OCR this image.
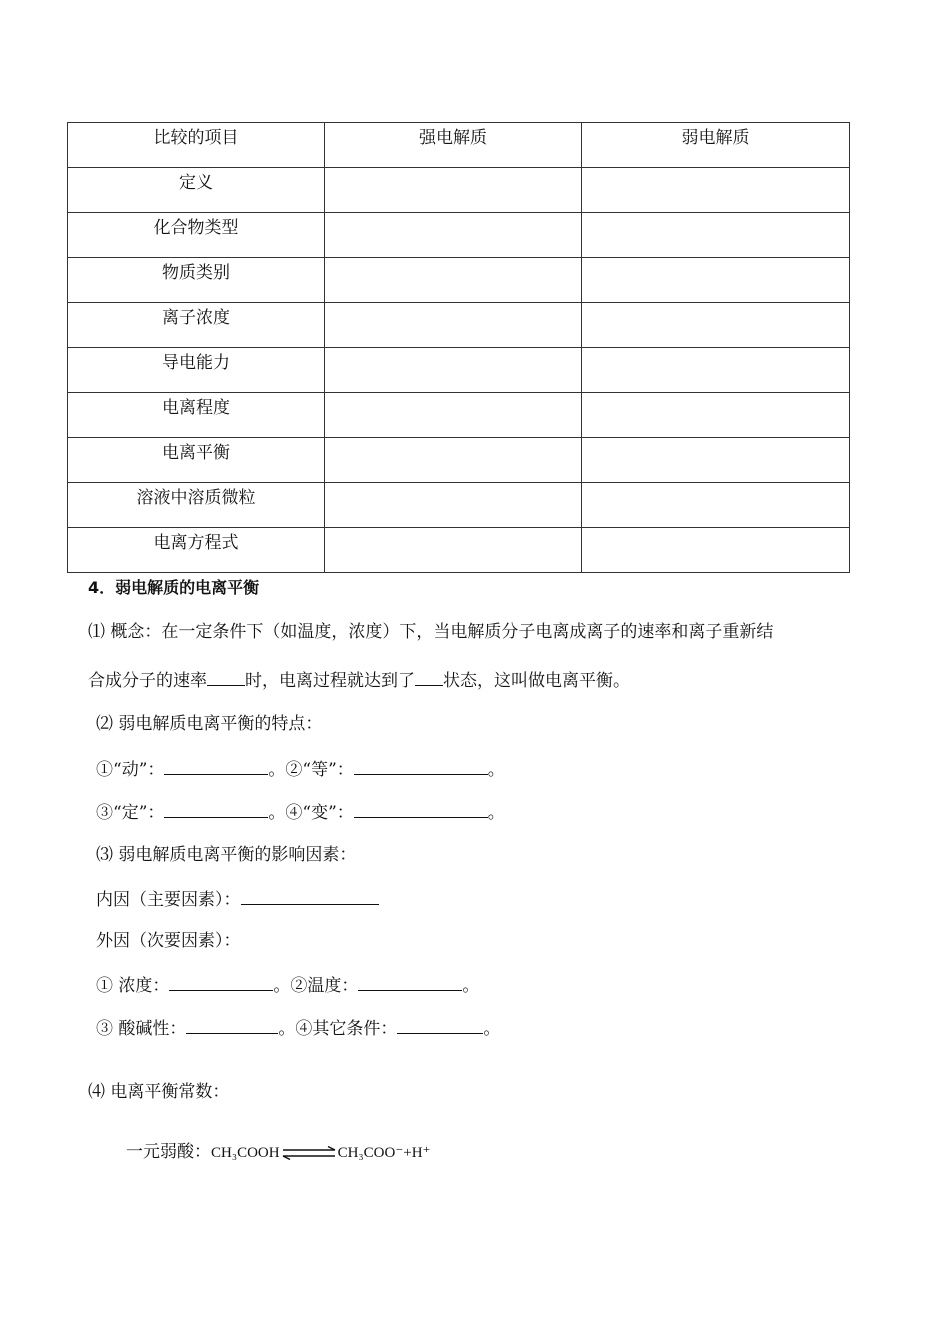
比较的项目	强电解质	弱电解质
定义		
化合物类型		
物质类别		
离子浓度		
导电能力		
电离程度		
电离平衡		
溶液中溶质微粒		
电离方程式		
4．弱电解质的电离平衡
⑴ 概念：在一定条件下（如温度，浓度）下，当电解质分子电离成离子的速率和离子重新结
合成分子的速率 时，电离过程就达到了 状态，这叫做电离平衡。
⑵ 弱电解质电离平衡的特点：
①“动”：	。②“等”：	。
③“定”：	。④“变”：	。
⑶ 弱电解质电离平衡的影响因素：
内因（主要因素）：
外因（次要因素）：
① 浓度：	。②温度：	。
③ 酸碱性：	。④其它条件：	。
⑷ 电离平衡常数：
一元弱酸：CH₃COOH⇌CH₃COO⁻+H⁺
